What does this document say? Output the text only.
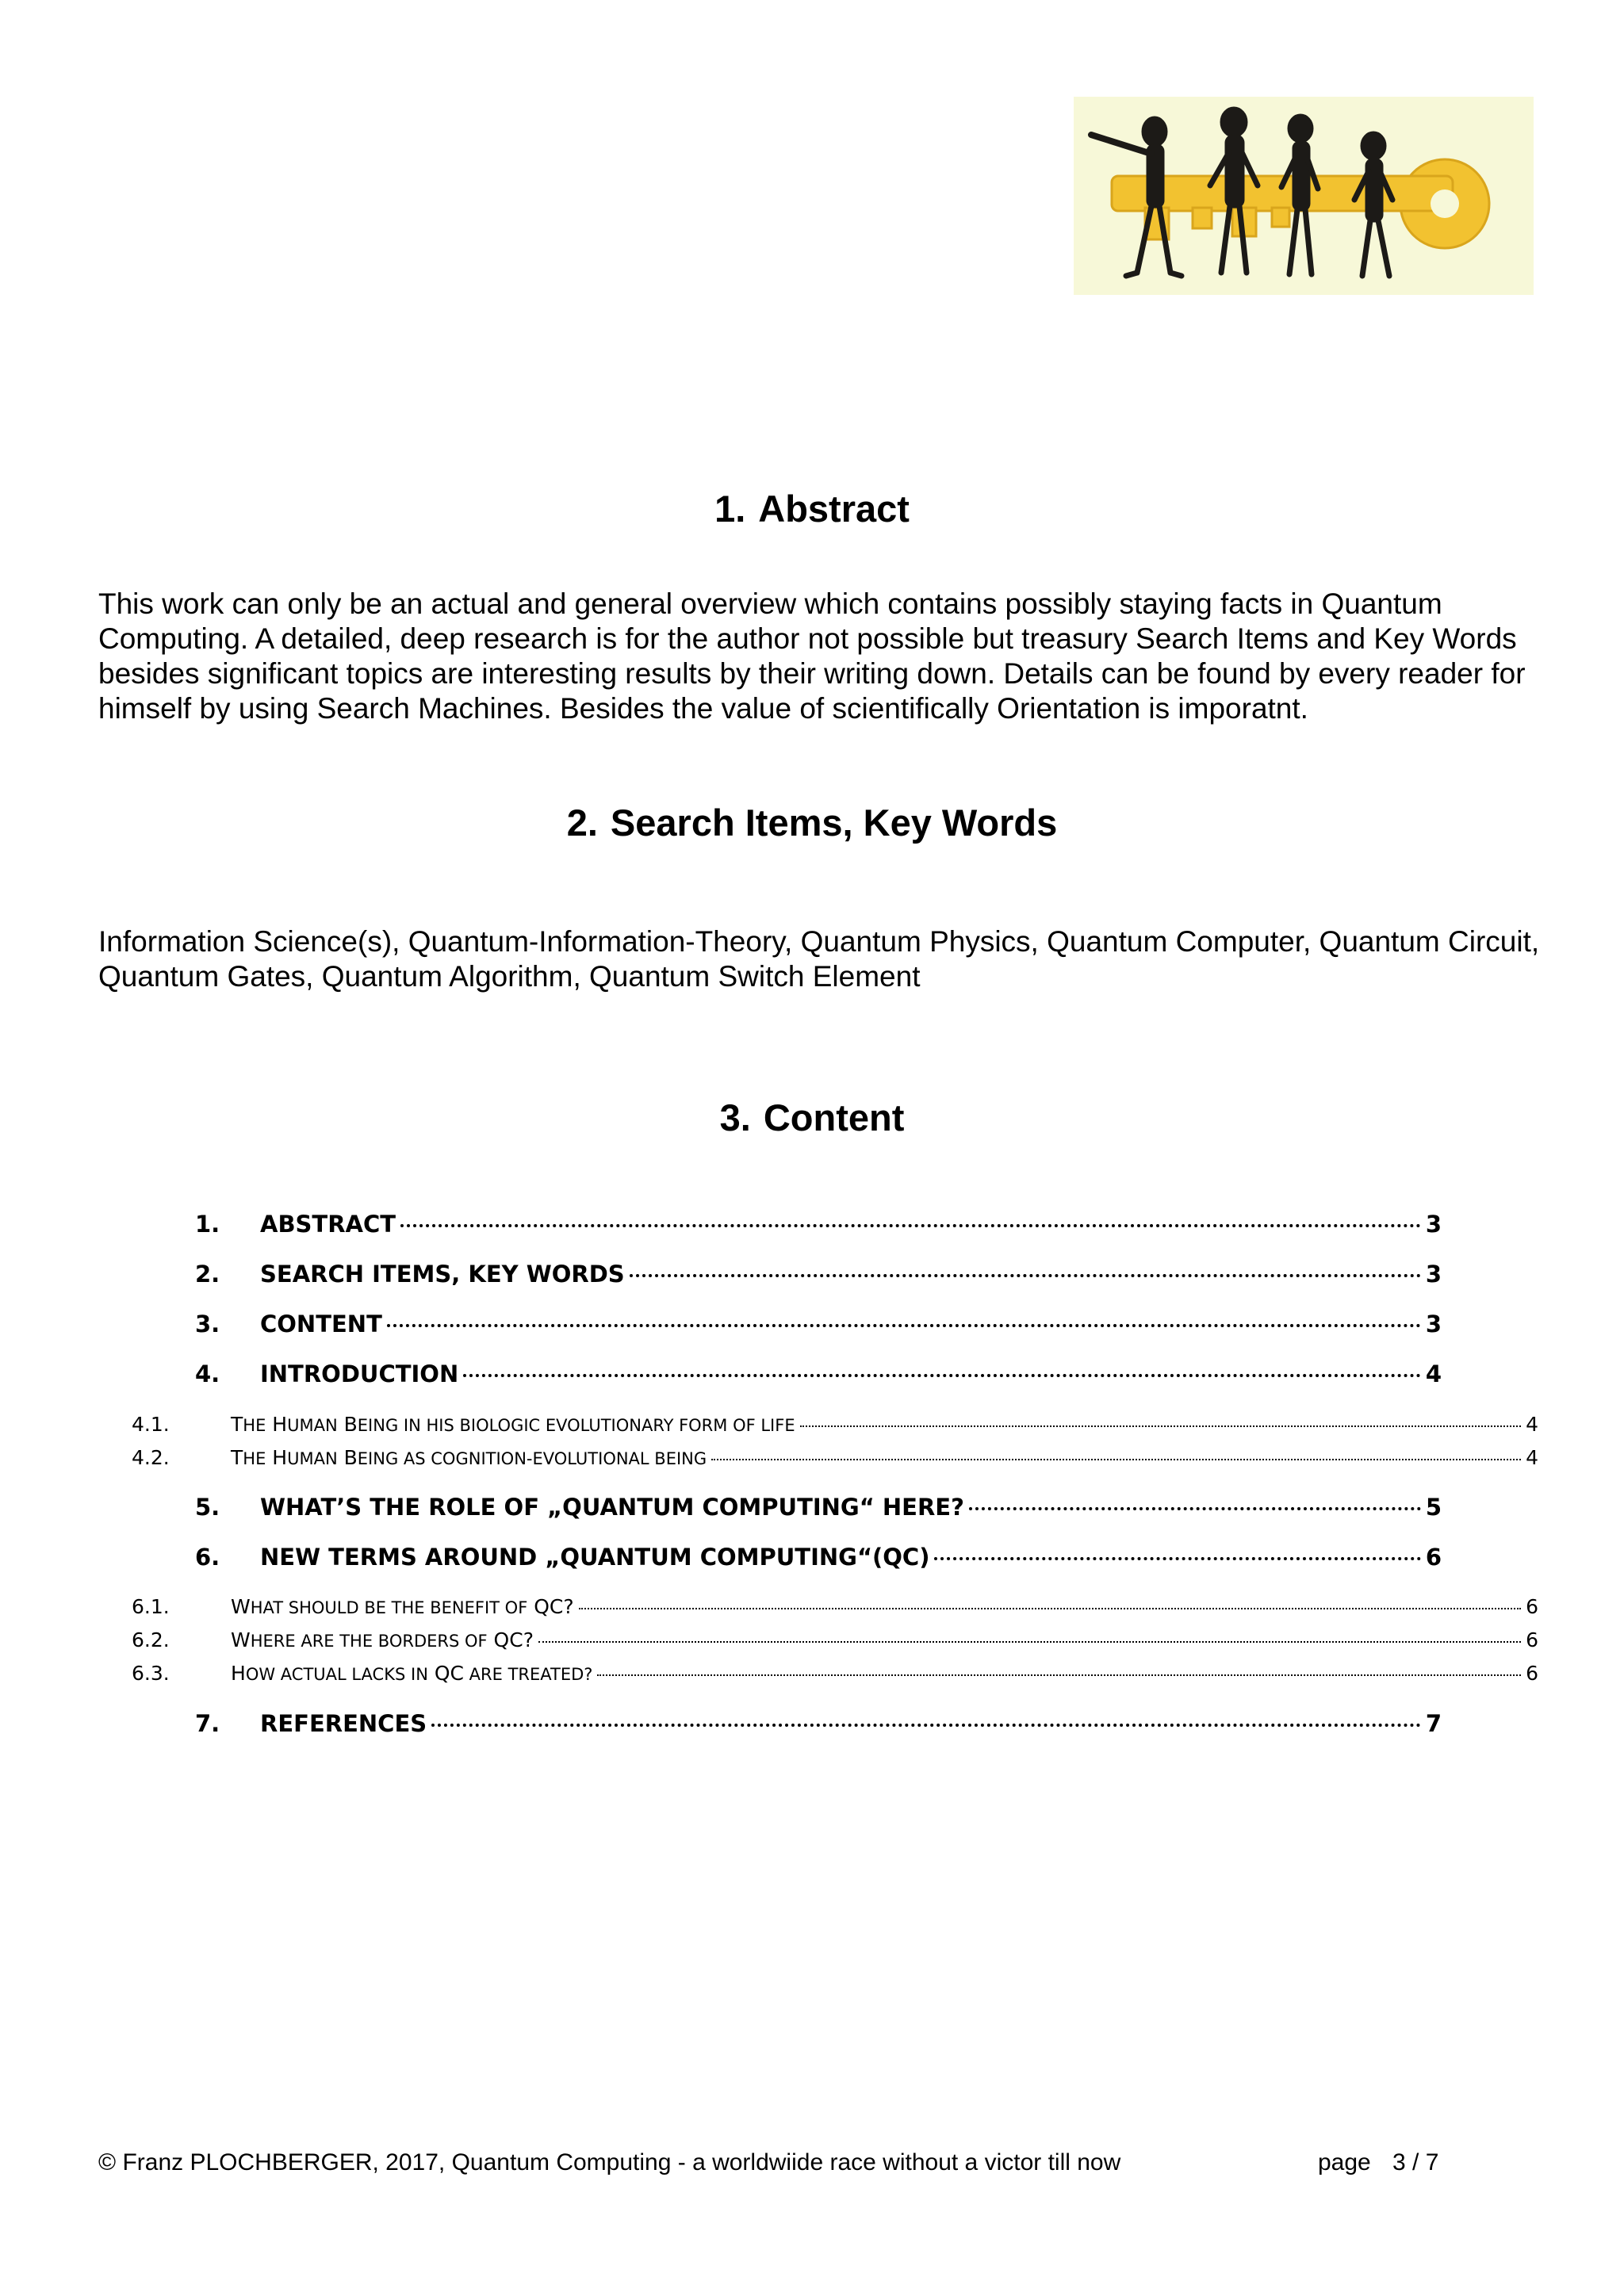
1. Abstract

This work can only be an actual and general overview which contains possibly staying facts in Quantum Computing. A detailed, deep research is for the author not possible but treasury Search Items and Key Words besides significant topics are interesting results by their writing down. Details can be found by every reader for himself by using Search Machines. Besides the value of scientifically Orientation is imporatnt.

2. Search Items, Key Words

Information Science(s), Quantum-Information-Theory, Quantum Physics, Quantum Computer, Quantum Circuit, Quantum Gates, Quantum Algorithm, Quantum Switch Element

3. Content
1.	ABSTRACT	3
2.	SEARCH ITEMS, KEY WORDS	3
3.	CONTENT	3
4.	INTRODUCTION	4
4.1.	THE HUMAN BEING IN HIS BIOLOGIC EVOLUTIONARY FORM OF LIFE	4
4.2.	THE HUMAN BEING AS COGNITION-EVOLUTIONAL BEING	4
5.	WHAT’S THE ROLE OF „QUANTUM COMPUTING“ HERE?	5
6.	NEW TERMS AROUND „QUANTUM COMPUTING“(QC)	6
6.1.	WHAT SHOULD BE THE BENEFIT OF QC?	6
6.2.	WHERE ARE THE BORDERS OF QC?	6
6.3.	HOW ACTUAL LACKS IN QC ARE TREATED?	6
7.	REFERENCES	7
© Franz PLOCHBERGER, 2017, Quantum Computing - a worldwiide race without a victor till now	page 3 / 7
